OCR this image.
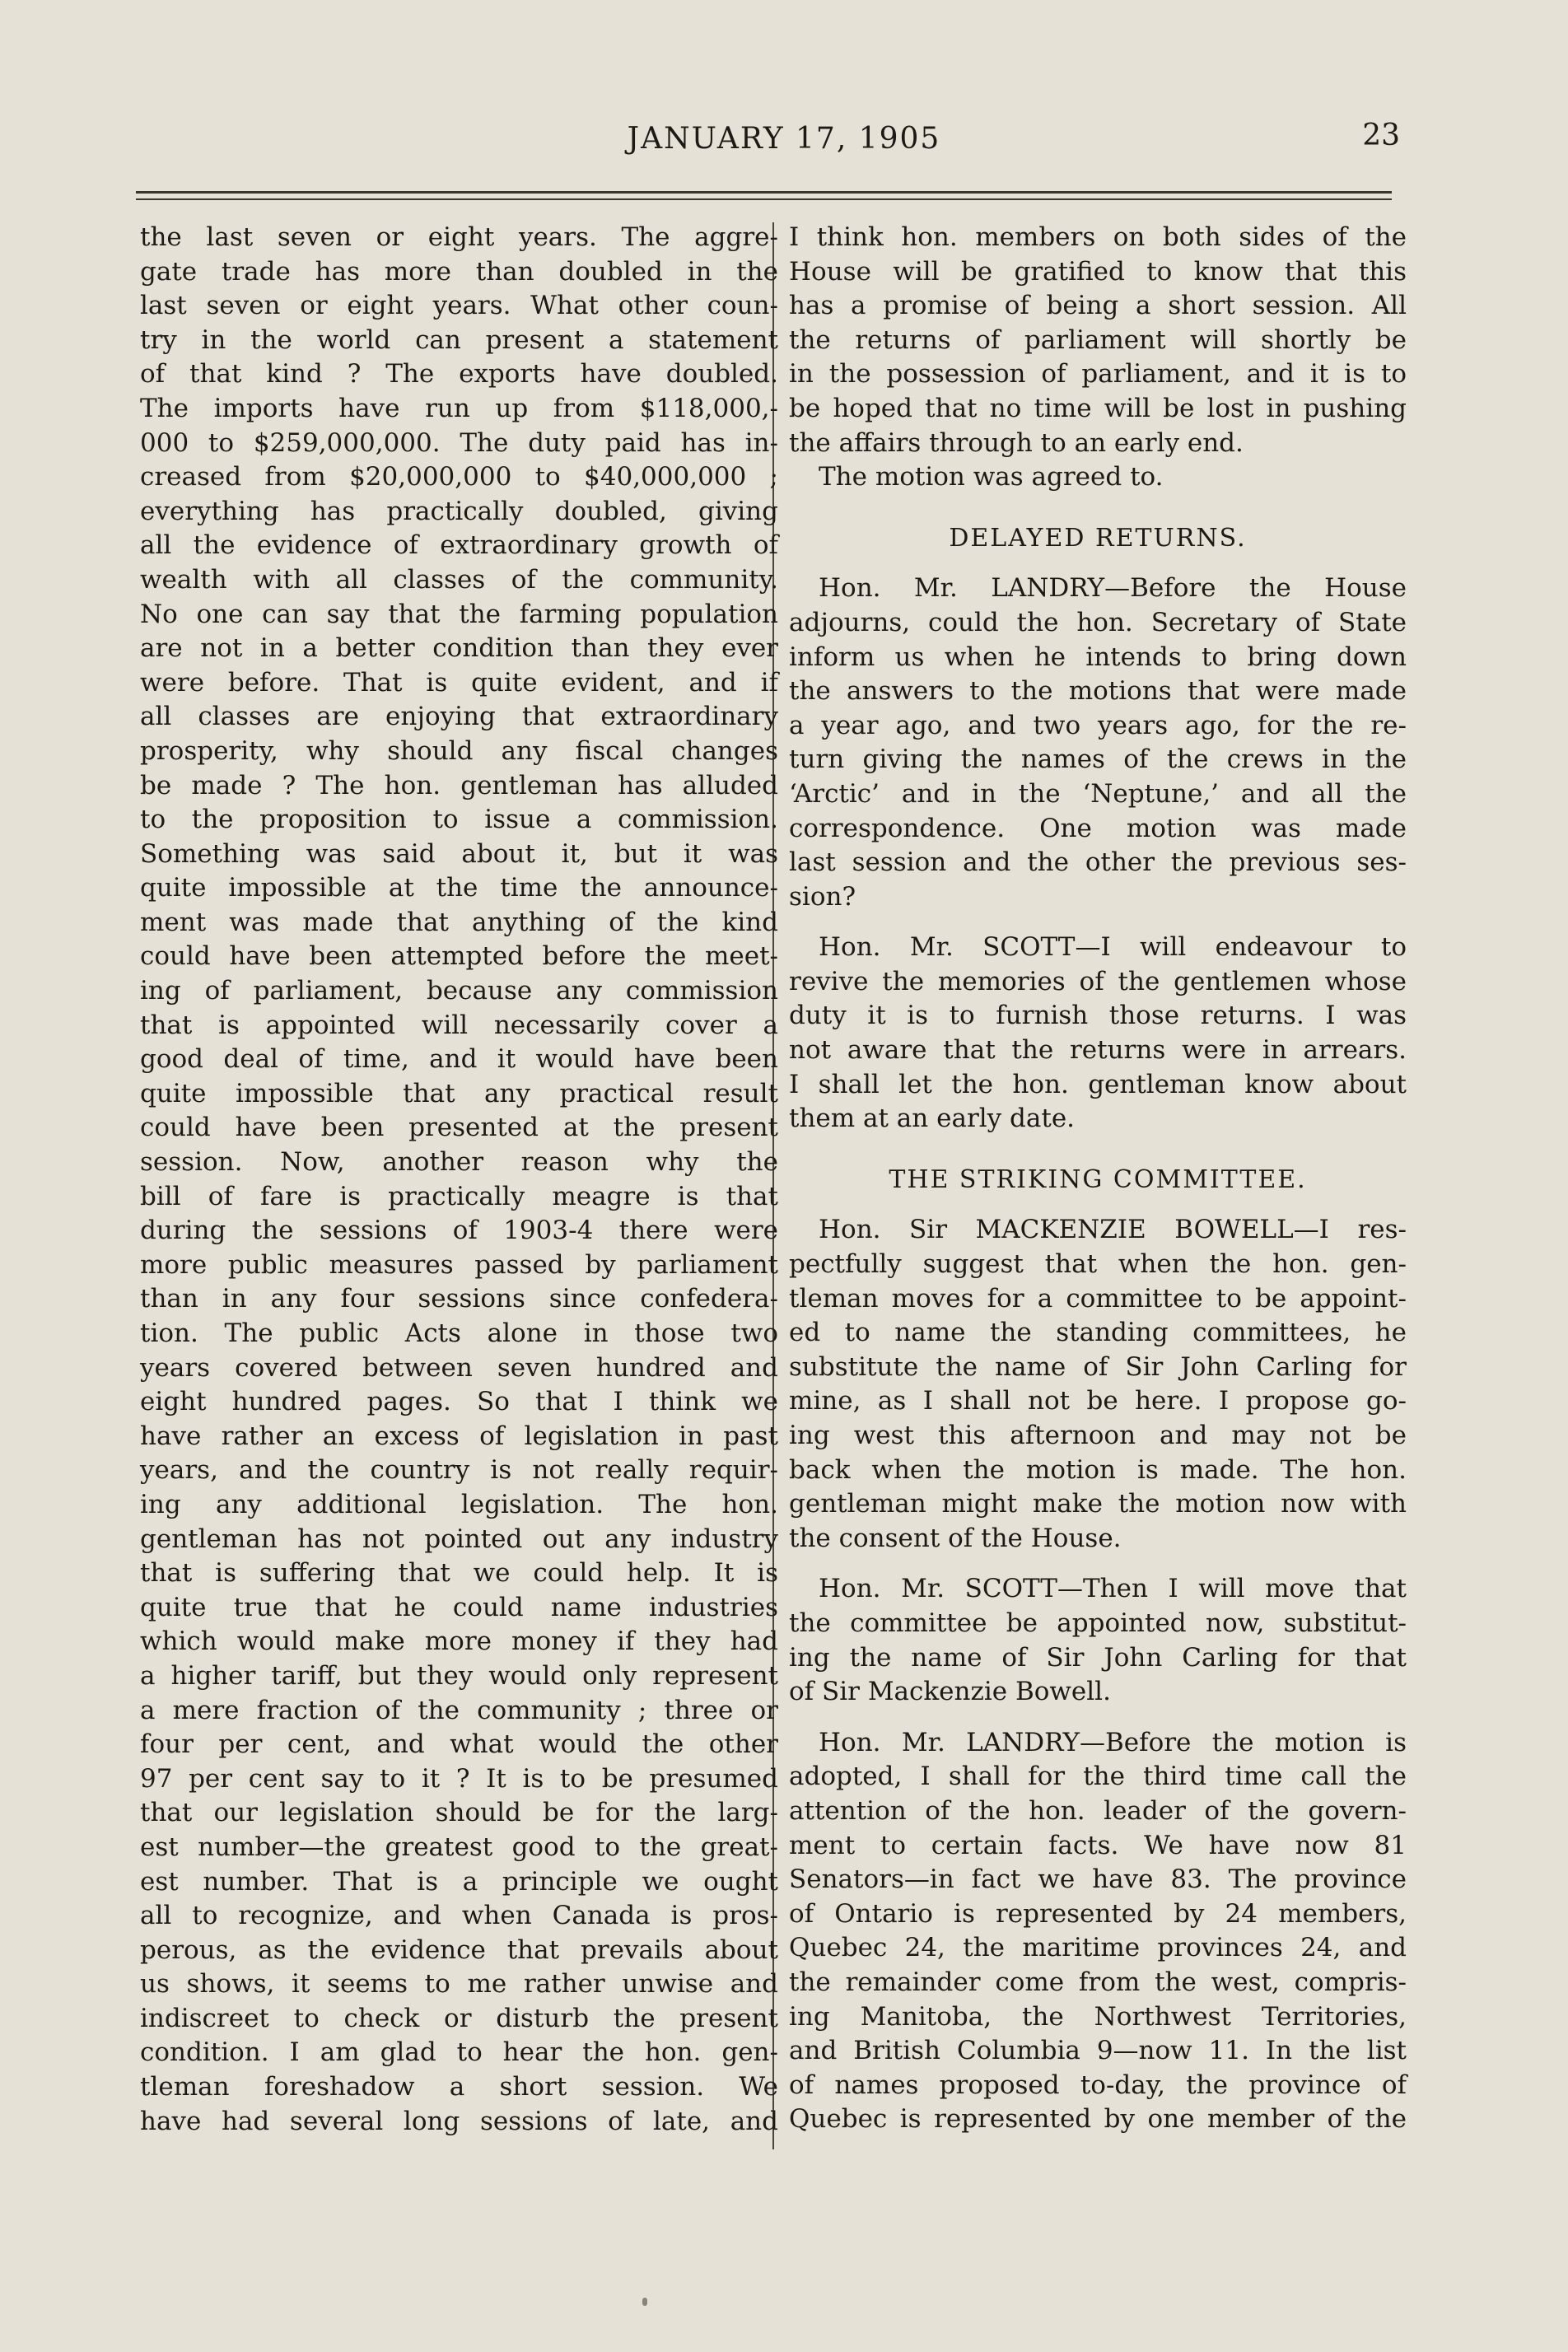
JANUARY 17, 1905	23
the last seven or eight years. The aggre-
gate trade has more than doubled in the
last seven or eight years. What other coun-
try in the world can present a statement
of that kind ? The exports have doubled.
The imports have run up from $118,000,-
000 to $259,000,000. The duty paid has in-
creased from $20,000,000 to $40,000,000 ;
everything has practically doubled, giving
all the evidence of extraordinary growth of
wealth with all classes of the community.
No one can say that the farming population
are not in a better condition than they ever
were before. That is quite evident, and if
all classes are enjoying that extraordinary
prosperity, why should any fiscal changes
be made ? The hon. gentleman has alluded
to the proposition to issue a commission.
Something was said about it, but it was
quite impossible at the time the announce-
ment was made that anything of the kind
could have been attempted before the meet-
ing of parliament, because any commission
that is appointed will necessarily cover a
good deal of time, and it would have been
quite impossible that any practical result
could have been presented at the present
session. Now, another reason why the
bill of fare is practically meagre is that
during the sessions of 1903-4 there were
more public measures passed by parliament
than in any four sessions since confedera-
tion. The public Acts alone in those two
years covered between seven hundred and
eight hundred pages. So that I think we
have rather an excess of legislation in past
years, and the country is not really requir-
ing any additional legislation. The hon.
gentleman has not pointed out any industry
that is suffering that we could help. It is
quite true that he could name industries
which would make more money if they had
a higher tariff, but they would only represent
a mere fraction of the community ; three or
four per cent, and what would the other
97 per cent say to it ? It is to be presumed
that our legislation should be for the larg-
est number—the greatest good to the great-
est number. That is a principle we ought
all to recognize, and when Canada is pros-
perous, as the evidence that prevails about
us shows, it seems to me rather unwise and
indiscreet to check or disturb the present
condition. I am glad to hear the hon. gen-
tleman foreshadow a short session. We
have had several long sessions of late, and
I think hon. members on both sides of the
House will be gratified to know that this
has a promise of being a short session. All
the returns of parliament will shortly be
in the possession of parliament, and it is to
be hoped that no time will be lost in pushing
the affairs through to an early end.
The motion was agreed to.
DELAYED RETURNS.
Hon. Mr. LANDRY—Before the House
adjourns, could the hon. Secretary of State
inform us when he intends to bring down
the answers to the motions that were made
a year ago, and two years ago, for the re-
turn giving the names of the crews in the
‘Arctic’ and in the ‘Neptune,’ and all the
correspondence. One motion was made
last session and the other the previous ses-
sion?
Hon. Mr. SCOTT—I will endeavour to
revive the memories of the gentlemen whose
duty it is to furnish those returns. I was
not aware that the returns were in arrears.
I shall let the hon. gentleman know about
them at an early date.
THE STRIKING COMMITTEE.
Hon. Sir MACKENZIE BOWELL—I res-
pectfully suggest that when the hon. gen-
tleman moves for a committee to be appoint-
ed to name the standing committees, he
substitute the name of Sir John Carling for
mine, as I shall not be here. I propose go-
ing west this afternoon and may not be
back when the motion is made. The hon.
gentleman might make the motion now with
the consent of the House.
Hon. Mr. SCOTT—Then I will move that
the committee be appointed now, substitut-
ing the name of Sir John Carling for that
of Sir Mackenzie Bowell.
Hon. Mr. LANDRY—Before the motion is
adopted, I shall for the third time call the
attention of the hon. leader of the govern-
ment to certain facts. We have now 81
Senators—in fact we have 83. The province
of Ontario is represented by 24 members,
Quebec 24, the maritime provinces 24, and
the remainder come from the west, compris-
ing Manitoba, the Northwest Territories,
and British Columbia 9—now 11. In the list
of names proposed to-day, the province of
Quebec is represented by one member of the
